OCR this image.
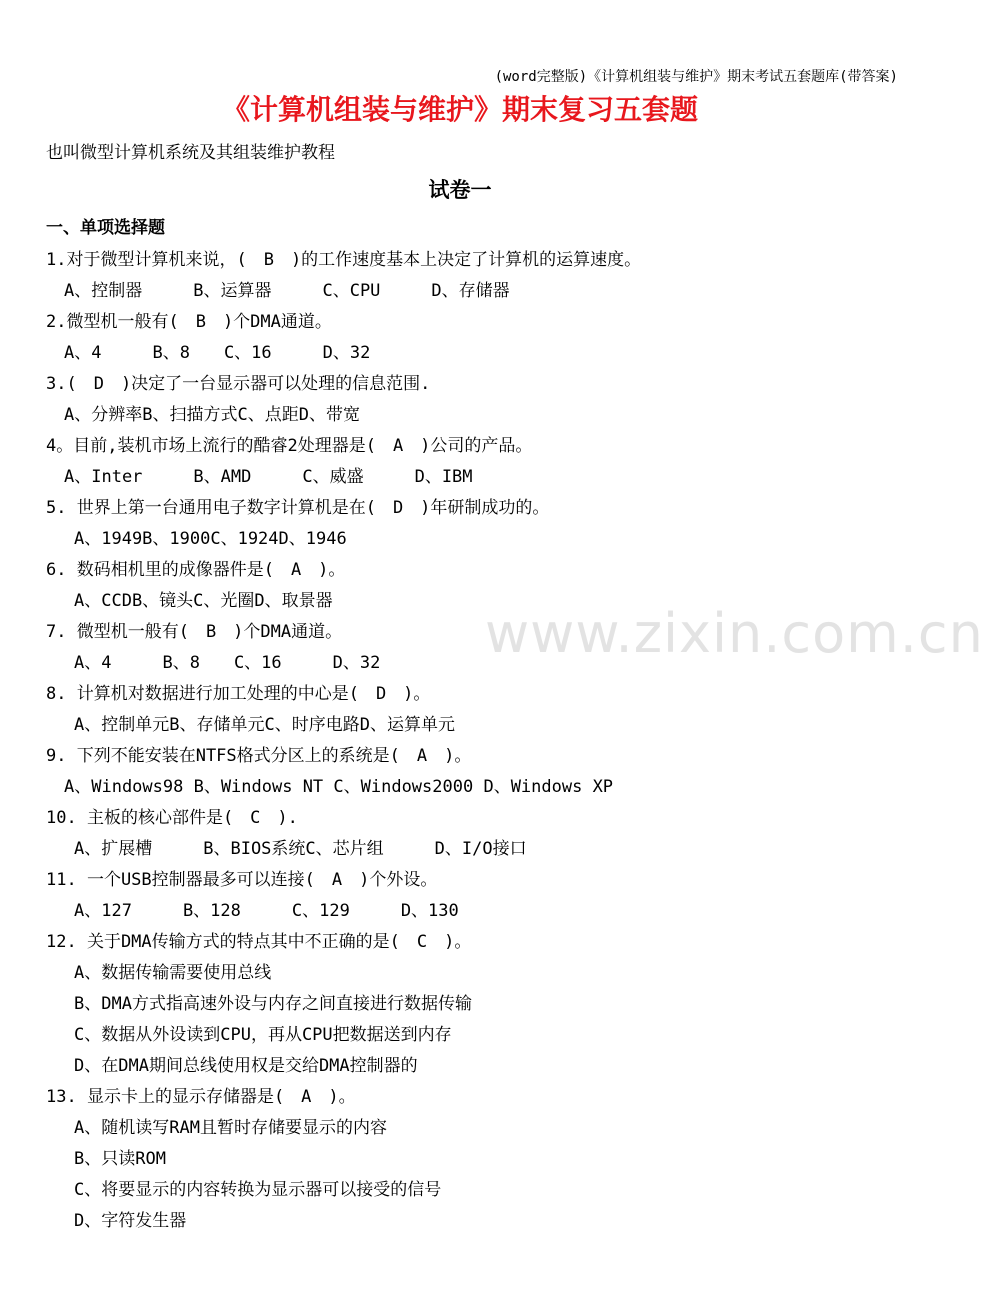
(word完整版)《计算机组装与维护》期末考试五套题库(带答案)
《计算机组装与维护》期末复习五套题
也叫微型计算机系统及其组装维护教程
试卷一
一、单项选择题
1.对于微型计算机来说，(　B　)的工作速度基本上决定了计算机的运算速度。
A、控制器　　　B、运算器　　　C、CPU　　　D、存储器
2.微型机一般有(　B　)个DMA通道。
A、4　　　B、8　　C、16　　　D、32
3.(　D　)决定了一台显示器可以处理的信息范围.
A、分辨率B、扫描方式C、点距D、带宽
4。目前,装机市场上流行的酷睿2处理器是(　A　)公司的产品。
A、Inter　　　B、AMD　　　C、威盛　　　D、IBM
5. 世界上第一台通用电子数字计算机是在(　D　)年研制成功的。
A、1949B、1900C、1924D、1946
6. 数码相机里的成像器件是(　A　)。
A、CCDB、镜头C、光圈D、取景器
7. 微型机一般有(　B　)个DMA通道。
A、4　　　B、8　　C、16　　　D、32
8. 计算机对数据进行加工处理的中心是(　D　)。
A、控制单元B、存储单元C、时序电路D、运算单元
9. 下列不能安装在NTFS格式分区上的系统是(　A　)。
A、Windows98 B、Windows NT C、Windows2000 D、Windows XP
10. 主板的核心部件是(　C　).
A、扩展槽　　　B、BIOS系统C、芯片组　　　D、I/O接口
11. 一个USB控制器最多可以连接(　A　)个外设。
A、127　　　B、128　　　C、129　　　D、130
12. 关于DMA传输方式的特点其中不正确的是(　C　)。
A、数据传输需要使用总线
B、DMA方式指高速外设与内存之间直接进行数据传输
C、数据从外设读到CPU，再从CPU把数据送到内存
D、在DMA期间总线使用权是交给DMA控制器的
13. 显示卡上的显示存储器是(　A　)。
A、随机读写RAM且暂时存储要显示的内容
B、只读ROM
C、将要显示的内容转换为显示器可以接受的信号
D、字符发生器
www.zixin.com.cn
